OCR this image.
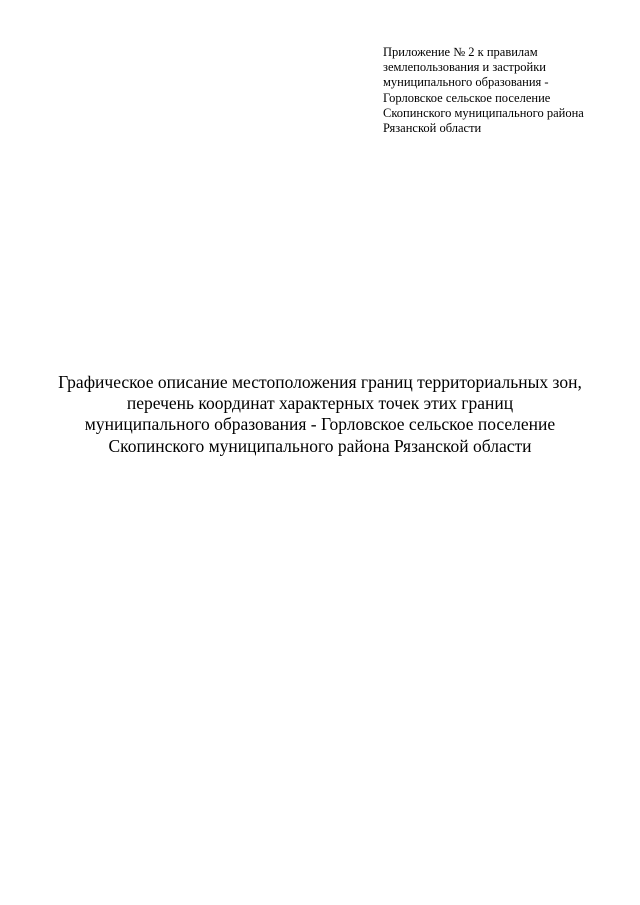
Приложение № 2 к правилам
землепользования и застройки
муниципального образования -
Горловское сельское поселение
Скопинского муниципального района
Рязанской области
Графическое описание местоположения границ территориальных зон,
перечень координат характерных точек этих границ
муниципального образования - Горловское сельское поселение
Скопинского муниципального района Рязанской области
